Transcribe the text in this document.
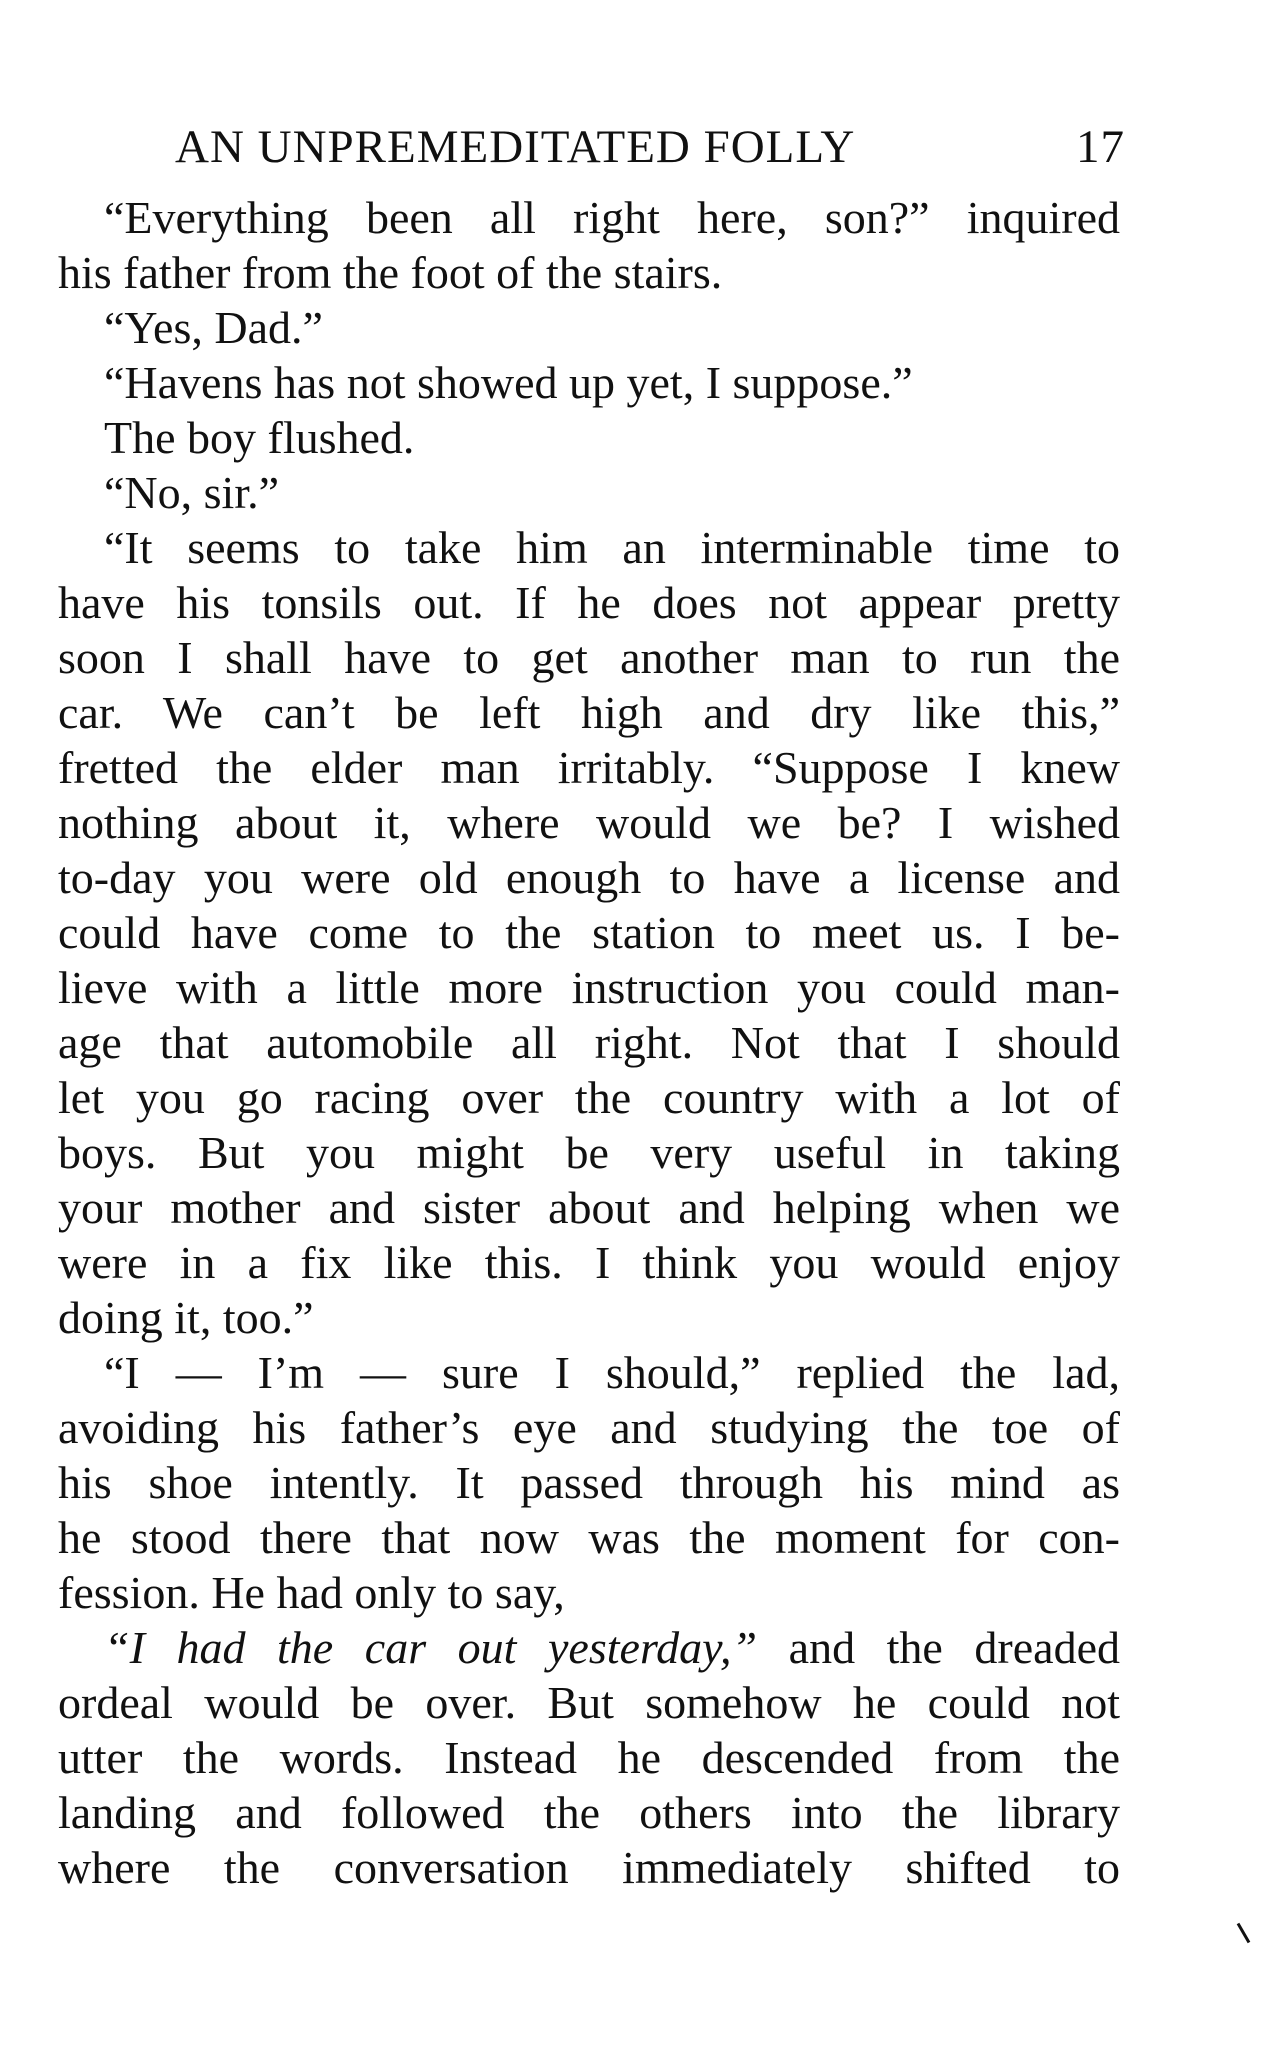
AN UNPREMEDITATED FOLLY	17
“Everything been all right here, son?” inquired
his father from the foot of the stairs.
“Yes, Dad.”
“Havens has not showed up yet, I suppose.”
The boy flushed.
“No, sir.”
“It seems to take him an interminable time to
have his tonsils out. If he does not appear pretty
soon I shall have to get another man to run the
car. We can’t be left high and dry like this,”
fretted the elder man irritably. “Suppose I knew
nothing about it, where would we be? I wished
to-day you were old enough to have a license and
could have come to the station to meet us. I be-
lieve with a little more instruction you could man-
age that automobile all right. Not that I should
let you go racing over the country with a lot of
boys. But you might be very useful in taking
your mother and sister about and helping when we
were in a fix like this. I think you would enjoy
doing it, too.”
“I — I’m — sure I should,” replied the lad,
avoiding his father’s eye and studying the toe of
his shoe intently. It passed through his mind as
he stood there that now was the moment for con-
fession. He had only to say,
“I had the car out yesterday,” and the dreaded
ordeal would be over. But somehow he could not
utter the words. Instead he descended from the
landing and followed the others into the library
where the conversation immediately shifted to
